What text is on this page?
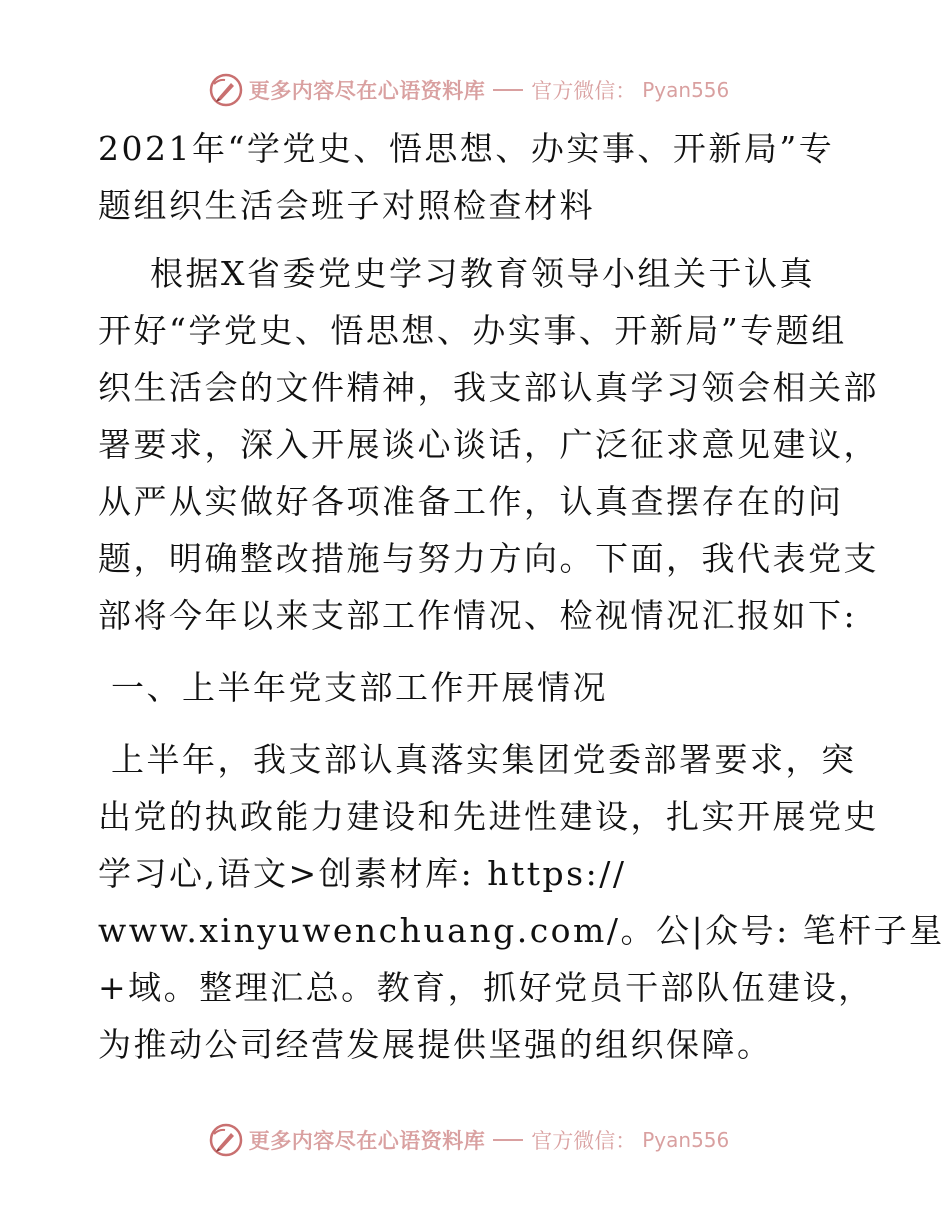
更多内容尽在心语资料库 官方微信： Pyan556
2021年“学党史、悟思想、办实事、开新局”专
题组织生活会班子对照检查材料
根据X省委党史学习教育领导小组关于认真
开好“学党史、悟思想、办实事、开新局”专题组
织生活会的文件精神，我支部认真学习领会相关部
署要求，深入开展谈心谈话，广泛征求意见建议，
从严从实做好各项准备工作，认真查摆存在的问
题，明确整改措施与努力方向。下面，我代表党支
部将今年以来支部工作情况、检视情况汇报如下:
一、上半年党支部工作开展情况
上半年，我支部认真落实集团党委部署要求，突
出党的执政能力建设和先进性建设，扎实开展党史
学习心,语文>创素材库: https://
www.xinyuwenchuang.com/。公|众号: 笔杆子星
+域。整理汇总。教育，抓好党员干部队伍建设，
为推动公司经营发展提供坚强的组织保障。
更多内容尽在心语资料库 官方微信： Pyan556
